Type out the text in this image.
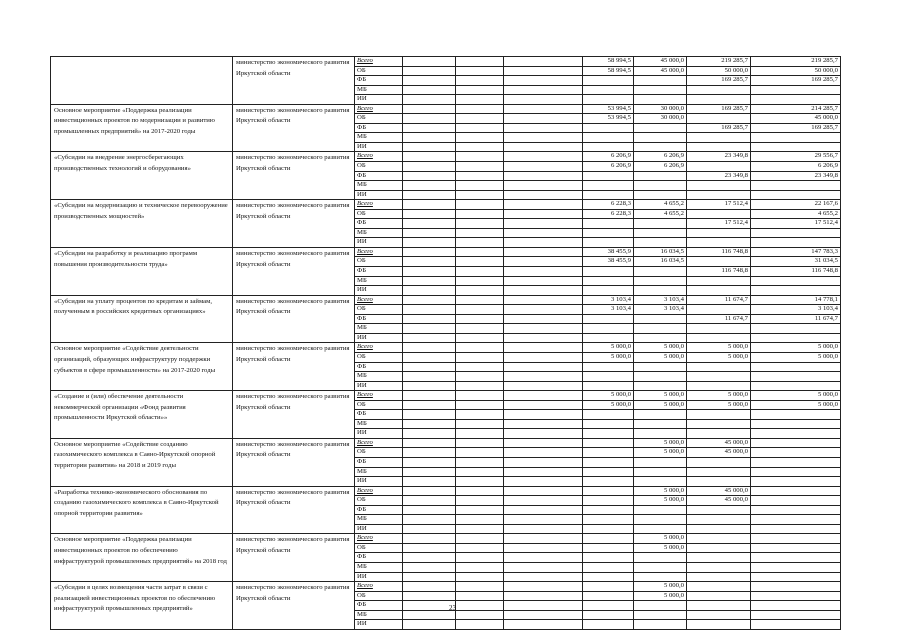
	министерство экономического развития Иркутской области	Всего				58 994,5	45 000,0	219 285,7	219 285,7
		ОБ				58 994,5	45 000,0	50 000,0	50 000,0
		ФБ						169 285,7	169 285,7
		МБ							
		ИИ							
Основное мероприятие «Поддержка реализации инвестиционных проектов по модернизации и развитию промышленных предприятий» на 2017-2020 годы	министерство экономического развития Иркутской области	Всего				53 994,5	30 000,0	169 285,7	214 285,7
		ОБ				53 994,5	30 000,0		45 000,0
		ФБ						169 285,7	169 285,7
		МБ							
		ИИ							
«Субсидии на внедрение энергосберегающих производственных технологий и оборудования»	министерство экономического развития Иркутской области	Всего				6 206,9	6 206,9	23 349,8	29 556,7
		ОБ				6 206,9	6 206,9		6 206,9
		ФБ						23 349,8	23 349,8
		МБ							
		ИИ							
«Субсидии на модернизацию и техническое перевооружение производственных мощностей»	министерство экономического развития Иркутской области	Всего				6 228,3	4 655,2	17 512,4	22 167,6
		ОБ				6 228,3	4 655,2		4 655,2
		ФБ						17 512,4	17 512,4
		МБ							
		ИИ							
«Субсидии на разработку и реализацию программ повышения производительности труда»	министерство экономического развития Иркутской области	Всего				38 455,9	16 034,5	116 748,8	147 783,3
		ОБ				38 455,9	16 034,5		31 034,5
		ФБ						116 748,8	116 748,8
		МБ							
		ИИ							
«Субсидии на уплату процентов по кредитам и займам, полученным в российских кредитных организациях»	министерство экономического развития Иркутской области	Всего				3 103,4	3 103,4	11 674,7	14 778,1
		ОБ				3 103,4	3 103,4		3 103,4
		ФБ						11 674,7	11 674,7
		МБ							
		ИИ							
Основное мероприятие «Содействие деятельности организаций, образующих инфраструктуру поддержки субъектов в сфере промышленности» на 2017-2020 годы	министерство экономического развития Иркутской области	Всего				5 000,0	5 000,0	5 000,0	5 000,0
		ОБ				5 000,0	5 000,0	5 000,0	5 000,0
		ФБ							
		МБ							
		ИИ							
«Создание и (или) обеспечение деятельности некоммерческой организации «Фонд развития промышленности Иркутской области»»	министерство экономического развития Иркутской области	Всего				5 000,0	5 000,0	5 000,0	5 000,0
		ОБ				5 000,0	5 000,0	5 000,0	5 000,0
		ФБ							
		МБ							
		ИИ							
Основное мероприятие «Содействие созданию газохимического комплекса в Саяно-Иркутской опорной территории развития» на 2018 и 2019 годы	министерство экономического развития Иркутской области	Всего					5 000,0	45 000,0	
		ОБ					5 000,0	45 000,0	
		ФБ							
		МБ							
		ИИ							
«Разработка технико-экономического обоснования по созданию газохимического комплекса в Саяно-Иркутской опорной территории развития»	министерство экономического развития Иркутской области	Всего					5 000,0	45 000,0	
		ОБ					5 000,0	45 000,0	
		ФБ							
		МБ							
		ИИ							
Основное мероприятие «Поддержка реализации инвестиционных проектов по обеспечению инфраструктурой промышленных предприятий» на 2018 год	министерство экономического развития Иркутской области	Всего					5 000,0		
		ОБ					5 000,0		
		ФБ							
		МБ							
		ИИ							
«Субсидии в целях возмещения части затрат в связи с реализацией инвестиционных проектов по обеспечению инфраструктурой промышленных предприятий»	министерство экономического развития Иркутской области	Всего					5 000,0		
		ОБ					5 000,0		
		ФБ							
		МБ							
		ИИ							
23
